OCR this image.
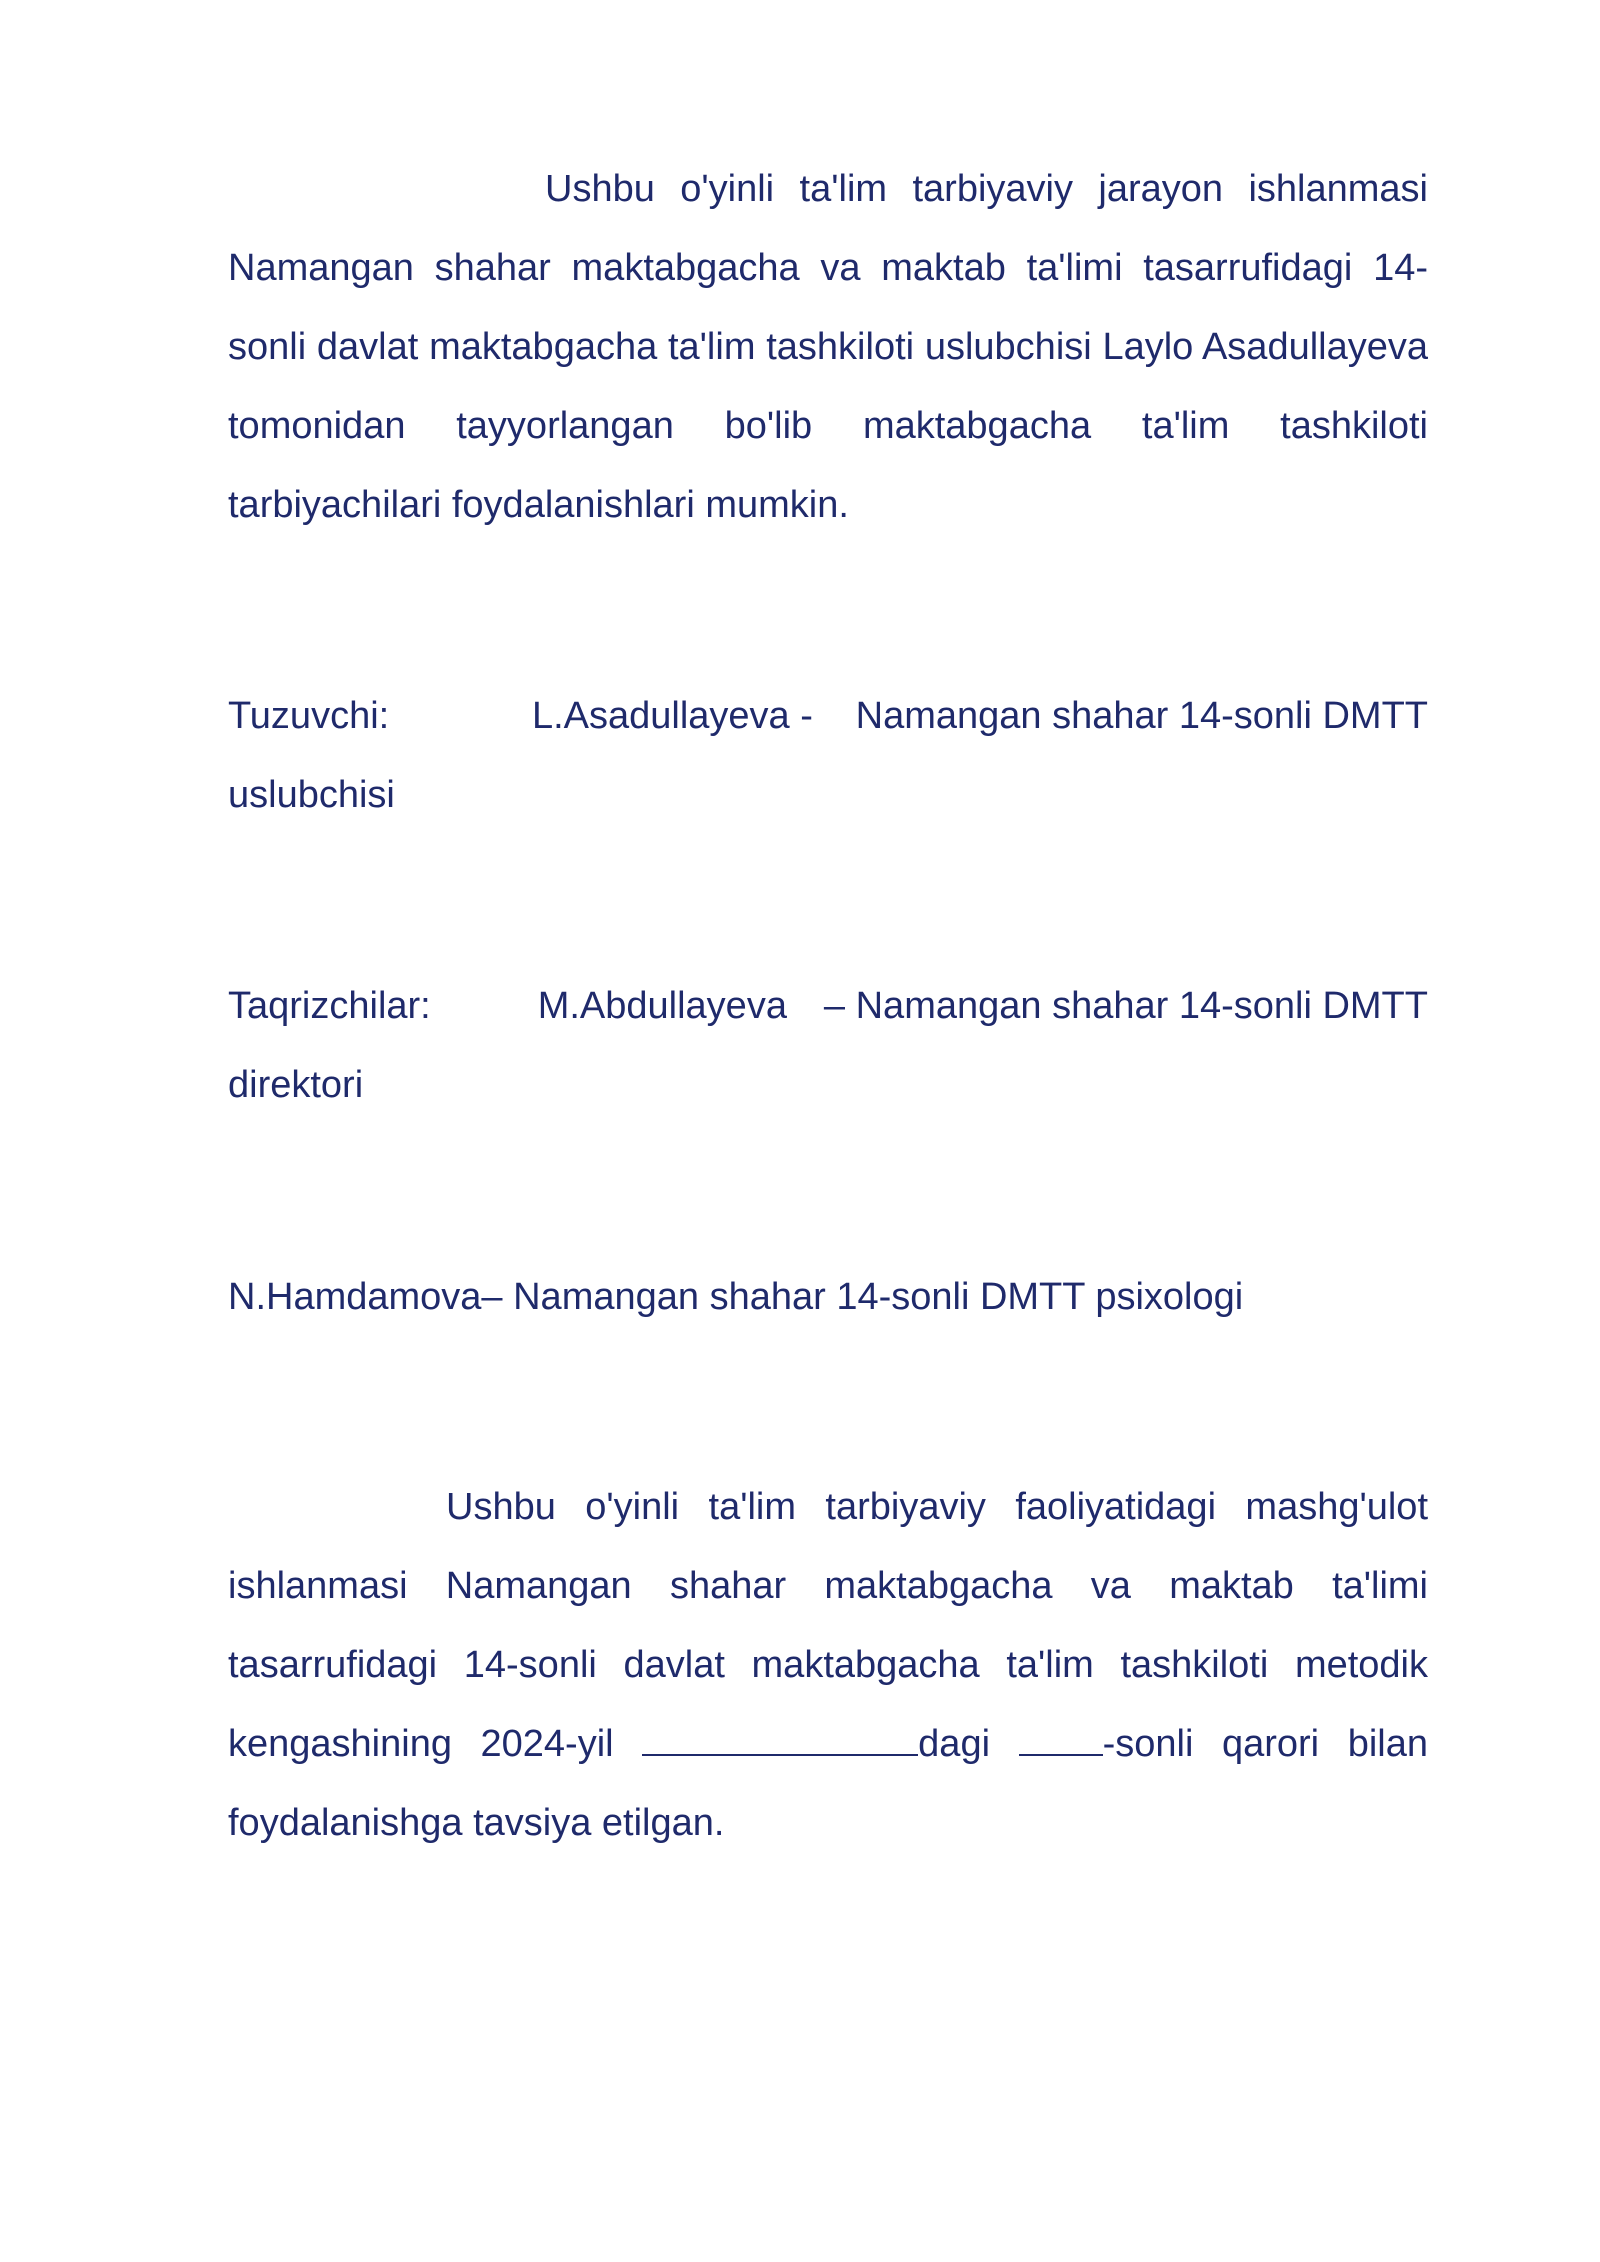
Ushbu o'yinli ta'lim tarbiyaviy jarayon ishlanmasi Namangan shahar maktabgacha va maktab ta'limi tasarrufidagi 14-sonli davlat maktabgacha ta'lim tashkiloti uslubchisi Laylo Asadullayeva tomonidan tayyorlangan bo'lib maktabgacha ta'lim tashkiloti tarbiyachilari foydalanishlari mumkin.

Tuzuvchi:	L.Asadullayeva - Namangan shahar 14-sonli DMTT
uslubchisi
Taqrizchilar:	M.Abdullayeva – Namangan shahar 14-sonli DMTT
direktori
N.Hamdamova– Namangan shahar 14-sonli DMTT psixologi

Ushbu o'yinli ta'lim tarbiyaviy faoliyatidagi mashg'ulot ishlanmasi Namangan shahar maktabgacha va maktab ta'limi tasarrufidagi 14-sonli davlat maktabgacha ta'lim tashkiloti metodik kengashining 2024-yil	dagi -sonli qarori bilan foydalanishga tavsiya etilgan.
